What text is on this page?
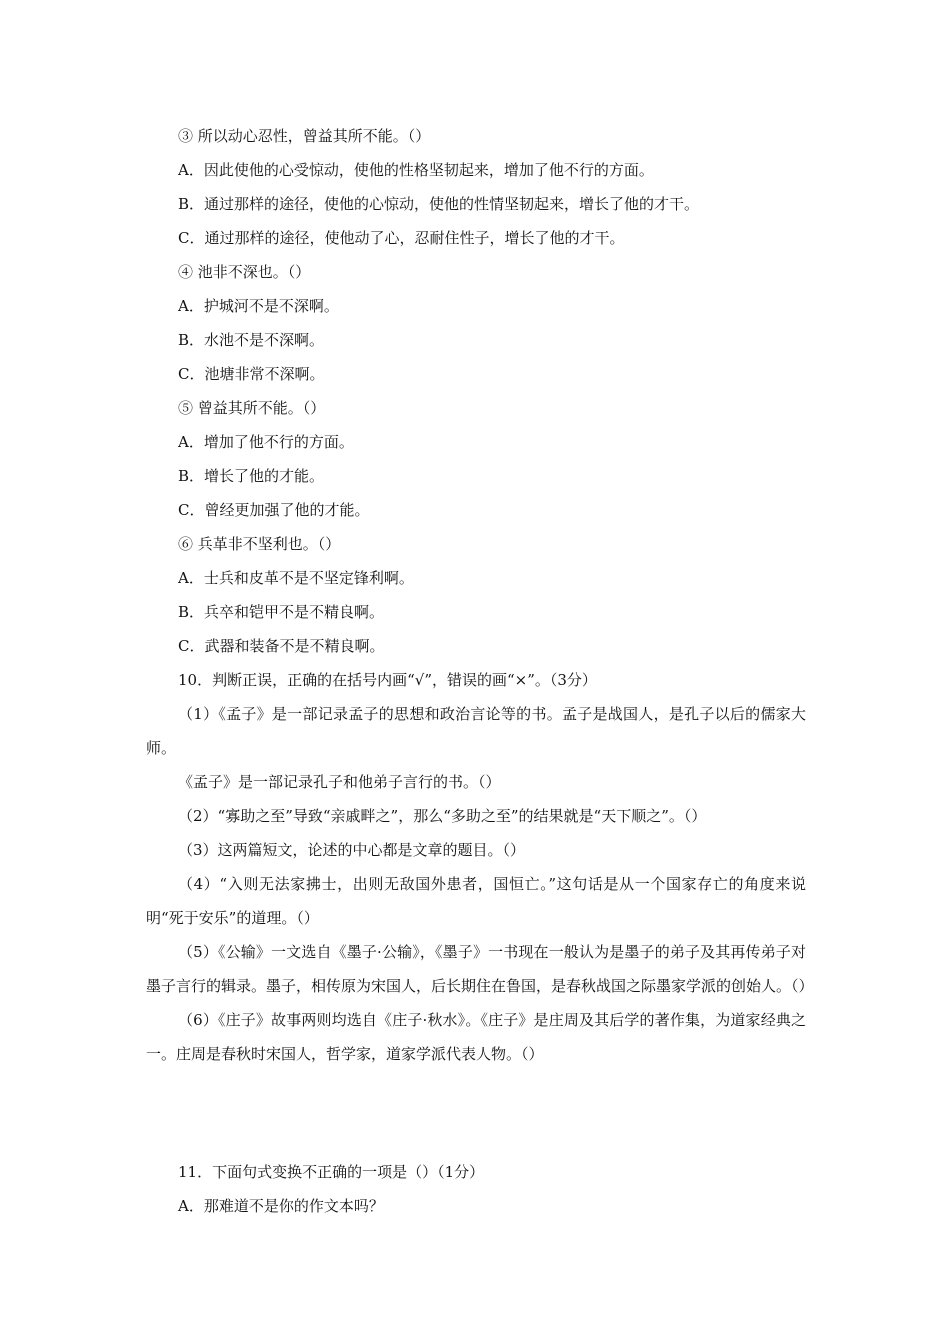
③ 所以动心忍性，曾益其所不能。（）
A．因此使他的心受惊动，使他的性格坚韧起来，增加了他不行的方面。
B．通过那样的途径，使他的心惊动，使他的性情坚韧起来，增长了他的才干。
C．通过那样的途径，使他动了心，忍耐住性子，增长了他的才干。
④ 池非不深也。（）
A．护城河不是不深啊。
B．水池不是不深啊。
C．池塘非常不深啊。
⑤ 曾益其所不能。（）
A．增加了他不行的方面。
B．增长了他的才能。
C．曾经更加强了他的才能。
⑥ 兵革非不坚利也。（）
A．士兵和皮革不是不坚定锋利啊。
B．兵卒和铠甲不是不精良啊。
C．武器和装备不是不精良啊。
10．判断正误，正确的在括号内画“√”，错误的画“×”。（3分）

（1）《孟子》是一部记录孟子的思想和政治言论等的书。孟子是战国人，是孔子以后的儒家大师。

《孟子》是一部记录孔子和他弟子言行的书。（）

（2）“寡助之至”导致“亲戚畔之”，那么“多助之至”的结果就是“天下顺之”。（）

（3）这两篇短文，论述的中心都是文章的题目。（）

（4）“入则无法家拂士，出则无敌国外患者，国恒亡。”这句话是从一个国家存亡的角度来说明“死于安乐”的道理。（）

（5）《公输》一文选自《墨子·公输》，《墨子》一书现在一般认为是墨子的弟子及其再传弟子对墨子言行的辑录。墨子，相传原为宋国人，后长期住在鲁国，是春秋战国之际墨家学派的创始人。（）

（6）《庄子》故事两则均选自《庄子·秋水》。《庄子》是庄周及其后学的著作集，为道家经典之一。庄周是春秋时宋国人，哲学家，道家学派代表人物。（）

11．下面句式变换不正确的一项是（）（1分）
A．那难道不是你的作文本吗？
